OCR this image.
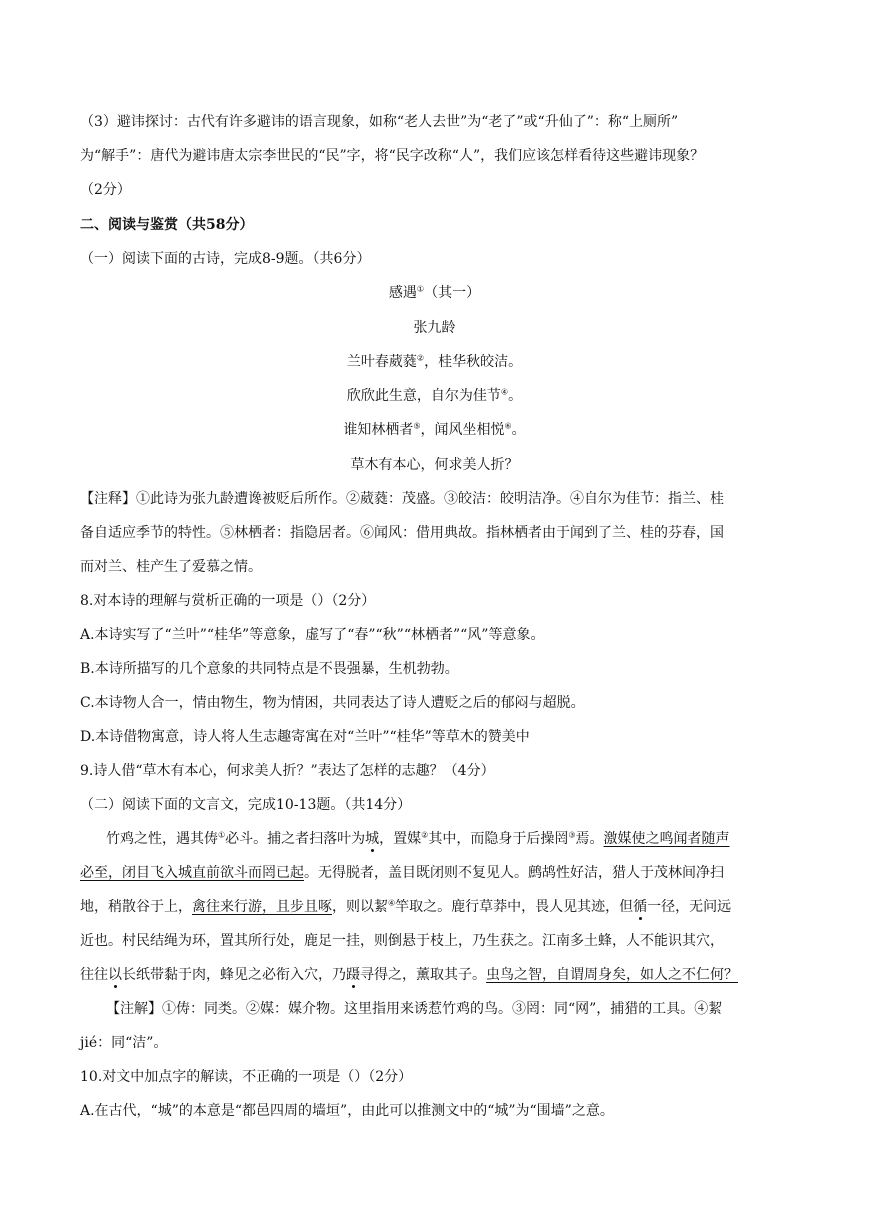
（3）避讳探讨：古代有许多避讳的语言现象，如称“老人去世”为“老了”或“升仙了”：称“上厕所”
为“解手”：唐代为避讳唐太宗李世民的“民”字，将“民字改称“人”，我们应该怎样看待这些避讳现象？
（2分）
二、阅读与鉴赏（共58分）
（一）阅读下面的古诗，完成8-9题。（共6分）
感遇①（其一）
张九龄
兰叶春葳蕤②，桂华秋皎洁。
欣欣此生意，自尔为佳节④。
谁知林栖者⑤，闻风坐相悦⑥。
草木有本心，何求美人折？
【注释】①此诗为张九龄遭谗被贬后所作。②葳蕤：茂盛。③皎洁：皎明洁净。④自尔为佳节：指兰、桂
备自适应季节的特性。⑤林栖者：指隐居者。⑥闻风：借用典故。指林栖者由于闻到了兰、桂的芬春，国
而对兰、桂产生了爱慕之情。
8.对本诗的理解与赏析正确的一项是（）（2分）
A.本诗实写了“兰叶”“桂华”等意象，虚写了“春”“秋”“林栖者”“风”等意象。
B.本诗所描写的几个意象的共同特点是不畏强暴，生机勃勃。
C.本诗物人合一，情由物生，物为情困，共同表达了诗人遭贬之后的郁闷与超脱。
D.本诗借物寓意，诗人将人生志趣寄寓在对“兰叶”“桂华”等草木的赞美中
9.诗人借“草木有本心，何求美人折？”表达了怎样的志趣？（4分）
（二）阅读下面的文言文，完成10-13题。（共14分）
竹鸡之性，遇其俦①必斗。捕之者扫落叶为城，置媒②其中，而隐身于后操罔③焉。激媒使之鸣闻者随声
必至，闭目飞入城直前欲斗而罔已起。无得脱者，盖目既闭则不复见人。鹧鸪性好洁，猎人于茂林间净扫
地，稍散谷于上，禽往来行游，且步且啄，则以絜④竿取之。鹿行草莽中，畏人见其迹，但循一径，无问远
近也。村民结绳为环，置其所行处，鹿足一挂，则倒悬于枝上，乃生获之。江南多土蜂，人不能识其穴，
往往以长纸带黏于肉，蜂见之必衔入穴，乃蹑寻得之，薰取其子。虫鸟之智，自谓周身矣，如人之不仁何？
【注解】①俦：同类。②媒：媒介物。这里指用来诱惹竹鸡的鸟。③罔：同“网”，捕猎的工具。④絜
jié：同“洁”。
10.对文中加点字的解读，不正确的一项是（）（2分）
A.在古代，“城”的本意是“都邑四周的墙垣”，由此可以推测文中的“城”为“围墙”之意。
